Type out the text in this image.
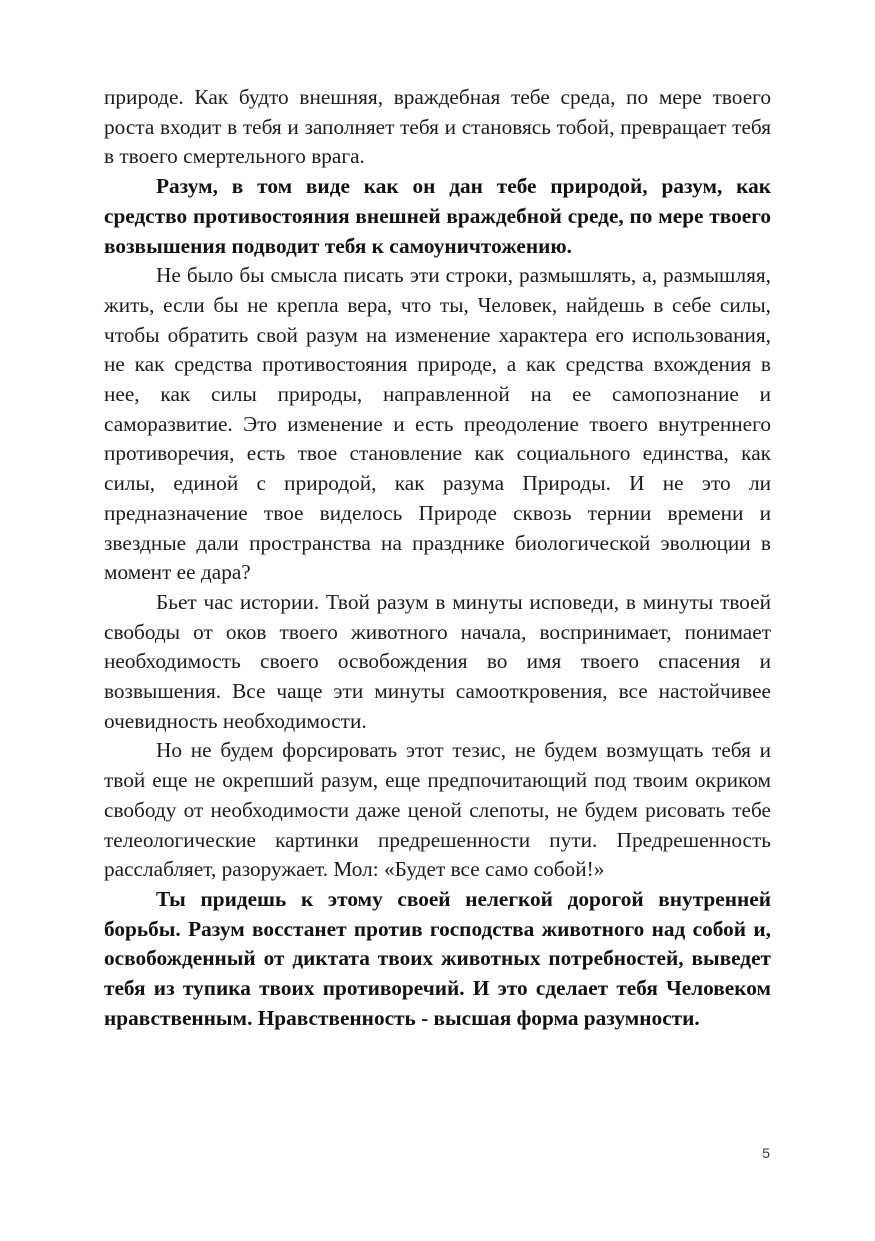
природе. Как будто внешняя, враждебная тебе среда, по мере твоего роста входит в тебя и заполняет тебя и становясь тобой, превращает тебя в твоего смертельного врага.

Разум, в том виде как он дан тебе природой, разум, как средство противостояния внешней враждебной среде, по мере твоего возвышения подводит тебя к самоуничтожению.

Не было бы смысла писать эти строки, размышлять, а, размышляя, жить, если бы не крепла вера, что ты, Человек, найдешь в себе силы, чтобы обратить свой разум на изменение характера его использования, не как средства противостояния природе, а как средства вхождения в нее, как силы природы, направленной на ее самопознание и саморазвитие. Это изменение и есть преодоление твоего внутреннего противоречия, есть твое становление как социального единства, как силы, единой с природой, как разума Природы. И не это ли предназначение твое виделось Природе сквозь тернии времени и звездные дали пространства на празднике биологической эволюции в момент ее дара?

Бьет час истории. Твой разум в минуты исповеди, в минуты твоей свободы от оков твоего животного начала, воспринимает, понимает необходимость своего освобождения во имя твоего спасения и возвышения. Все чаще эти минуты самооткровения, все настойчивее очевидность необходимости.

Но не будем форсировать этот тезис, не будем возмущать тебя и твой еще не окрепший разум, еще предпочитающий под твоим окриком свободу от необходимости даже ценой слепоты, не будем рисовать тебе телеологические картинки предрешенности пути. Предрешенность расслабляет, разоружает. Мол: «Будет все само собой!»

Ты придешь к этому своей нелегкой дорогой внутренней борьбы. Разум восстанет против господства животного над собой и, освобожденный от диктата твоих животных потребностей, выведет тебя из тупика твоих противоречий. И это сделает тебя Человеком нравственным. Нравственность - высшая форма разумности.

5
